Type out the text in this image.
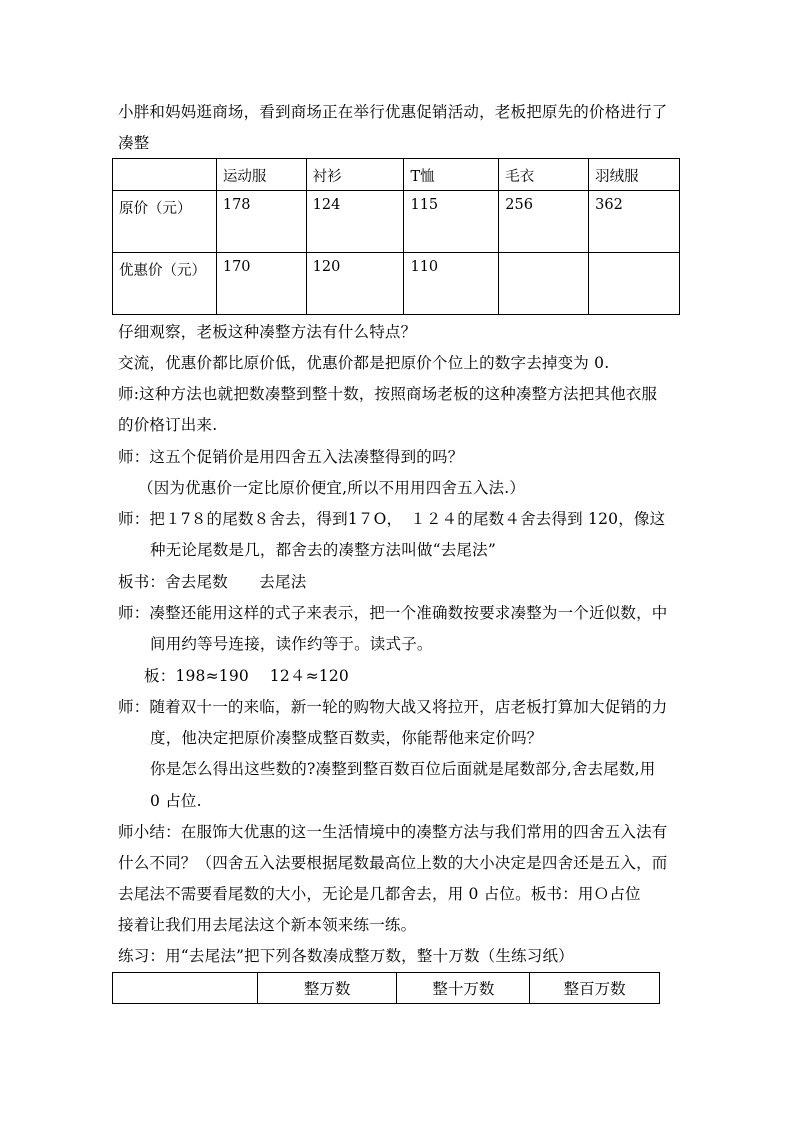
小胖和妈妈逛商场，看到商场正在举行优惠促销活动，老板把原先的价格进行了
凑整
	运动服	衬衫	T恤	毛衣	羽绒服
原价（元）	178	124	115	256	362
优惠价（元）	170	120	110		
仔细观察，老板这种凑整方法有什么特点？
交流，优惠价都比原价低，优惠价都是把原价个位上的数字去掉变为 0.
师:这种方法也就把数凑整到整十数，按照商场老板的这种凑整方法把其他衣服
的价格订出来.
师：这五个促销价是用四舍五入法凑整得到的吗？
（因为优惠价一定比原价便宜,所以不用用四舍五入法.）
师：把１7８的尾数８舍去，得到1７O，　１２４的尾数４舍去得到 120，像这
种无论尾数是几，都舍去的凑整方法叫做“去尾法”
板书：舍去尾数　　去尾法
师：凑整还能用这样的式子来表示，把一个准确数按要求凑整为一个近似数，中
间用约等号连接，读作约等于。读式子。
板：198≈190　 12４≈120
师：随着双十一的来临，新一轮的购物大战又将拉开，店老板打算加大促销的力
度，他决定把原价凑整成整百数卖，你能帮他来定价吗？
你是怎么得出这些数的?凑整到整百数百位后面就是尾数部分,舍去尾数,用
0 占位.
师小结：在服饰大优惠的这一生活情境中的凑整方法与我们常用的四舍五入法有
什么不同？（四舍五入法要根据尾数最高位上数的大小决定是四舍还是五入，而
去尾法不需要看尾数的大小，无论是几都舍去，用 0 占位。板书：用Ｏ占位
接着让我们用去尾法这个新本领来练一练。
练习：用“去尾法”把下列各数凑成整万数，整十万数（生练习纸）
	整万数	整十万数	整百万数
